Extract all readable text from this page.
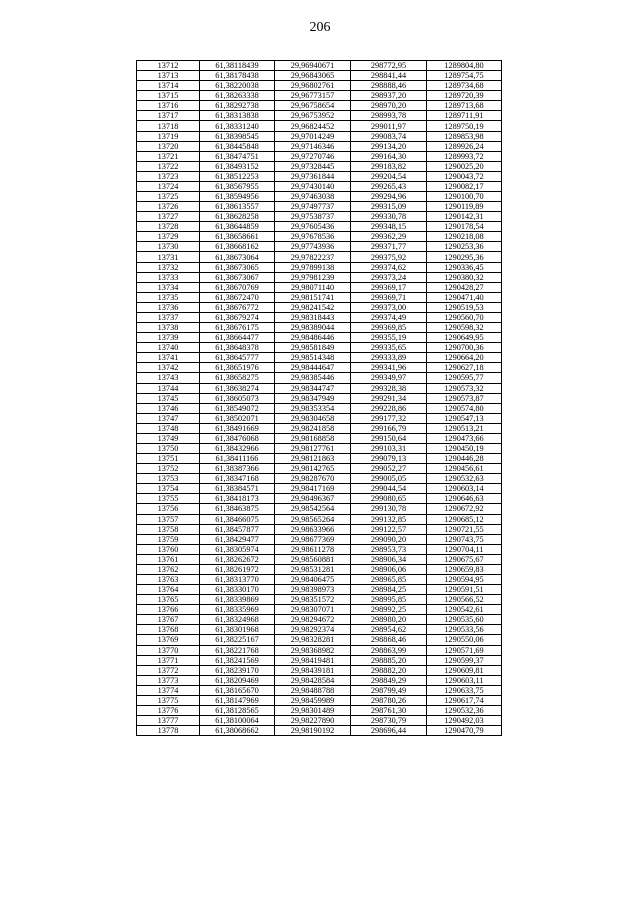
206
13712	61,38118439	29,96940671	298772,95	1289804,80
13713	61,38178438	29,96843065	298841,44	1289754,75
13714	61,38220038	29,96802761	298888,46	1289734,68
13715	61,38263338	29,96773157	298937,20	1289720,39
13716	61,38292738	29,96758654	298970,20	1289713,68
13717	61,38313838	29,96753952	298993,78	1289711,91
13718	61,38331240	29,96824452	299011,97	1289750,19
13719	61,38398545	29,97014249	299083,74	1289853,98
13720	61,38445848	29,97146346	299134,20	1289926,24
13721	61,38474751	29,97270746	299164,30	1289993,72
13722	61,38493152	29,97328445	299183,82	1290025,20
13723	61,38512253	29,97361844	299204,54	1290043,72
13724	61,38567955	29,97430140	299265,43	1290082,17
13725	61,38594956	29,97463038	299294,96	1290100,70
13726	61,38613557	29,97497737	299315,09	1290119,89
13727	61,38628258	29,97538737	299330,78	1290142,31
13728	61,38644859	29,97605436	299348,15	1290178,54
13729	61,38658661	29,97678536	299362,29	1290218,08
13730	61,38668162	29,97743936	299371,77	1290253,36
13731	61,38673064	29,97822237	299375,92	1290295,36
13732	61,38673065	29,97899138	299374,62	1290336,45
13733	61,38673067	29,97981239	299373,24	1290380,32
13734	61,38670769	29,98071140	299369,17	1290428,27
13735	61,38672470	29,98151741	299369,71	1290471,40
13736	61,38676772	29,98241542	299373,00	1290519,53
13737	61,38679274	29,98318443	299374,49	1290560,70
13738	61,38676175	29,98389044	299369,85	1290598,32
13739	61,38664477	29,98486446	299355,19	1290649,95
13740	61,38648378	29,98581849	299335,65	1290700,36
13741	61,38645777	29,98514348	299333,89	1290664,20
13742	61,38651976	29,98444647	299341,96	1290627,18
13743	61,38658275	29,98385446	299349,97	1290595,77
13744	61,38638274	29,98344747	299328,38	1290573,32
13745	61,38605073	29,98347949	299291,34	1290573,87
13746	61,38549072	29,98353354	299228,86	1290574,80
13747	61,38502071	29,98304658	299177,32	1290547,13
13748	61,38491669	29,98241858	299166,79	1290513,21
13749	61,38476068	29,98168858	299150,64	1290473,66
13750	61,38432966	29,98127761	299103,31	1290450,19
13751	61,38411166	29,98121863	299079,13	1290446,28
13752	61,38387366	29,98142765	299052,27	1290456,61
13753	61,38347168	29,98287670	299005,05	1290532,63
13754	61,38384571	29,98417169	299044,54	1290603,14
13755	61,38418173	29,98496367	299080,65	1290646,63
13756	61,38463875	29,98542564	299130,78	1290672,92
13757	61,38466075	29,98565264	299132,85	1290685,12
13758	61,38457877	29,98633966	299122,57	1290721,55
13759	61,38429477	29,98677369	299090,20	1290743,75
13760	61,38305974	29,98611278	298953,73	1290704,11
13761	61,38262672	29,98560881	298906,34	1290675,67
13762	61,38261972	29,98531281	298906,06	1290659,83
13763	61,38313770	29,98406475	298965,85	1290594,95
13764	61,38330170	29,98398973	298984,25	1290591,51
13765	61,38339869	29,98351572	298995,85	1290566,52
13766	61,38335969	29,98307071	298992,25	1290542,61
13767	61,38324968	29,98294672	298980,20	1290535,60
13768	61,38301968	29,98292374	298954,62	1290533,56
13769	61,38225167	29,98328281	298868,46	1290550,06
13770	61,38221768	29,98368982	298863,99	1290571,69
13771	61,38241569	29,98419481	298885,20	1290599,37
13772	61,38239170	29,98439181	298882,20	1290609,81
13773	61,38209469	29,98428584	298849,29	1290603,11
13774	61,38165670	29,98488788	298799,49	1290633,75
13775	61,38147969	29,98459989	298780,26	1290617,74
13776	61,38128565	29,98301489	298761,30	1290532,36
13777	61,38100064	29,98227890	298730,79	1290492,03
13778	61,38068662	29,98190192	298696,44	1290470,79
